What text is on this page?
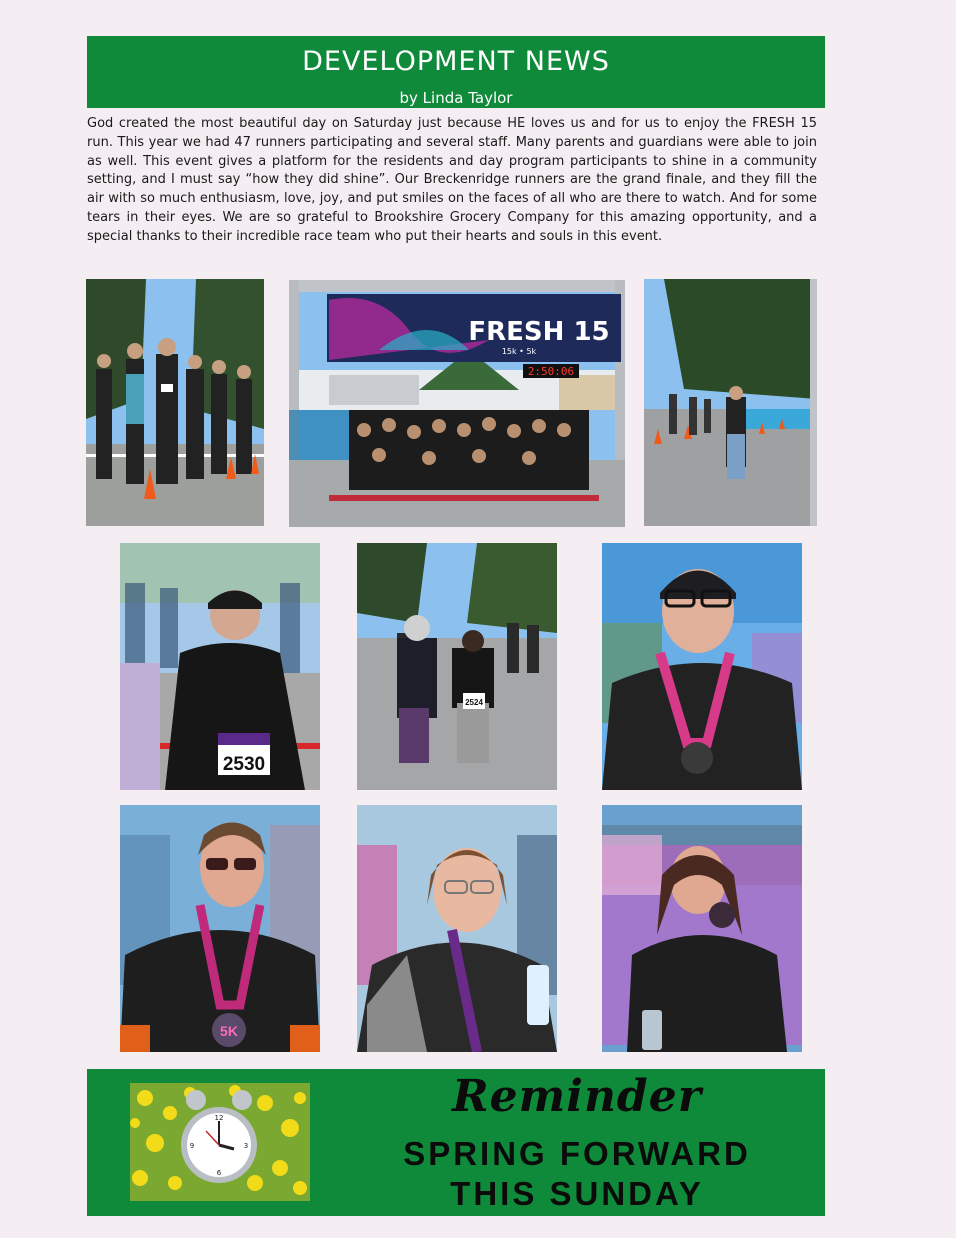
DEVELOPMENT NEWS
by Linda Taylor

God created the most beautiful day on Saturday just because HE loves us and for us to enjoy the FRESH 15 run. This year we had 47 runners participating and several staff. Many parents and guardians were able to join as well. This event gives a platform for the residents and day program participants to shine in a community setting, and I must say “how they did shine”. Our Breckenridge runners are the grand finale, and they fill the air with so much enthusiasm, love, joy, and put smiles on the faces of all who are there to watch. And for some tears in their eyes. We are so grateful to Brookshire Grocery Company for this amazing opportunity, and a special thanks to their incredible race team who put their hearts and souls in this event.

FRESH 15
15k • 5k
2:50:06
2530
2524
5K
12
3
6
9
Reminder
SPRING FORWARD
THIS SUNDAY
